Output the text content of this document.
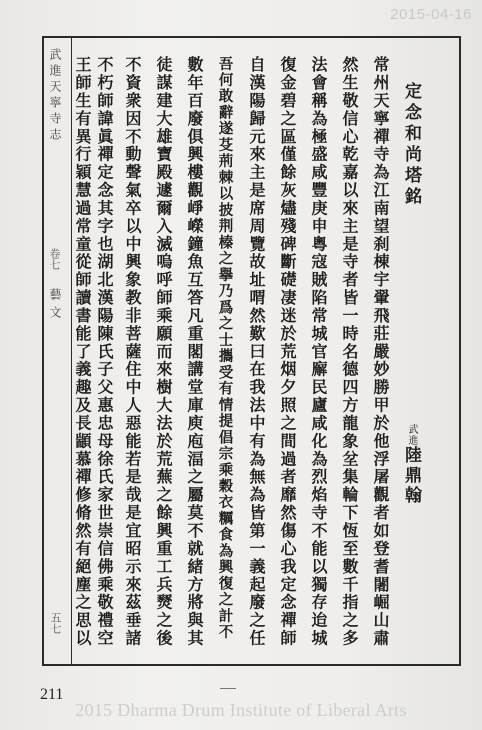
2015-04-16
武進天寧寺志
卷七
藝文
五七
定念和尚塔銘
武進陸鼎翰
常州天寧禪寺為江南望刹棟宇翬飛莊嚴妙勝甲於他浮屠觀者如登耆闍崛山肅
然生敬信心乾嘉以來主是寺者皆一時名德四方龍象坌集輪下恆至數千指之多
法會稱為極盛咸豐庚申粵寇賊陷常城官廨民廬咸化為烈焰寺不能以獨存迨城
復金碧之區僅餘灰燼殘碑斷礎凄迷於荒烟夕照之間過者靡然傷心我定念禪師
自漢陽歸元來主是席周覽故址喟然歎曰在我法中有為無為皆第一義起廢之任
吾何敢辭遂芟荊棘以披荆榛之擧乃爲之士攜受有情提倡宗乘穀衣糲食為興復之計不
數年百廢俱興樓觀崢嶸鐘魚互答凡重閣講堂庫庾庖湢之屬莫不就緒方將與其
徒謀建大雄寶殿遽爾入滅嗚呼師乘願而來樹大法於荒蕪之餘興重工兵燹之後
不資衆因不動聲氣卒以中興象教非菩薩住中人惡能若是哉是宜昭示來茲垂諸
不朽師諱眞禪定念其字也湖北漢陽陳氏子父惠忠母徐氏家世崇信佛乘敬禮空
王師生有異行穎慧過常童從師讀書能了義趣及長顓慕禪修脩然有絕塵之思以
211
2015 Dharma Drum Institute of Liberal Arts
